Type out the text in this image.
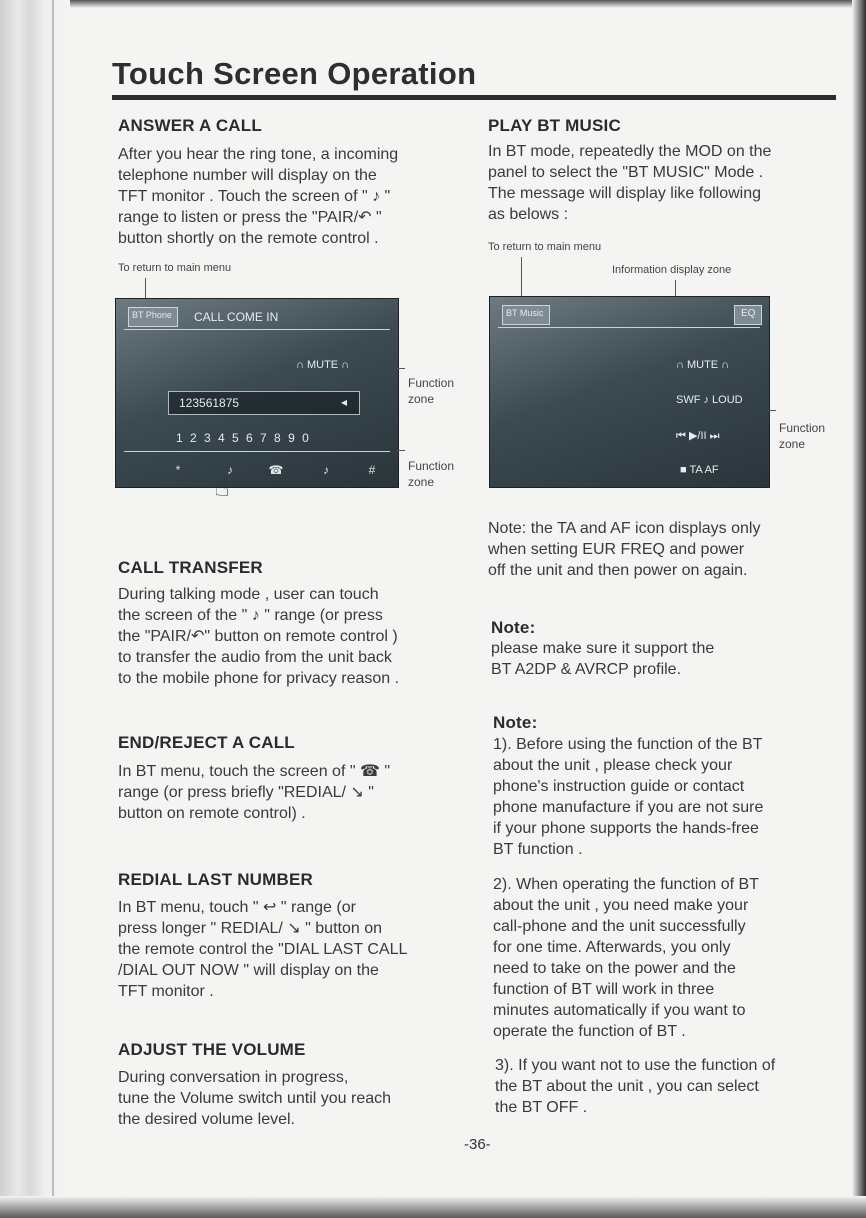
Touch Screen Operation
ANSWER A CALL
After you hear the ring tone, a incoming
telephone number will display on the
TFT monitor . Touch the screen of " ♪ "
range to listen or press the "PAIR/↶ "
button shortly on the remote control .
To return to main menu
BT Phone CALL COME IN
∩ MUTE ∩
123561875	◂
1 2 3 4 5 6 7 8 9 0
*	♪	☎	♪	#
☝
Function
zone
Function
zone
CALL TRANSFER
During talking mode , user can touch
the screen of the " ♪ " range (or press
the "PAIR/↶" button on remote control )
to transfer the audio from the unit back
to the mobile phone for privacy reason .
END/REJECT A CALL
In BT menu, touch the screen of " ☎ "
range (or press briefly "REDIAL/ ↘ "
button on remote control) .
REDIAL LAST NUMBER
In BT menu, touch " ↩ " range (or
press longer " REDIAL/ ↘ " button on
the remote control the "DIAL LAST CALL
/DIAL OUT NOW " will display on the
TFT monitor .
ADJUST THE VOLUME
During conversation in progress,
tune the Volume switch until you reach
the desired volume level.
PLAY BT MUSIC
In BT mode, repeatedly the MOD on the
panel to select the "BT MUSIC" Mode .
The message will display like following
as belows :
To return to main menu
Information display zone
BT Music	EQ
∩ MUTE ∩
SWF ♪ LOUD
⏮ ▶/II ⏭
■ TA AF
Function
zone
Note: the TA and AF icon displays only
when setting EUR FREQ and power
off the unit and then power on again.
Note:
please make sure it support the
BT A2DP & AVRCP profile.
Note:
1). Before using the function of the BT
about the unit , please check your
phone's instruction guide or contact
phone manufacture if you are not sure
if your phone supports the hands-free
BT function .
2). When operating the function of BT
about the unit , you need make your
call-phone and the unit successfully
for one time. Afterwards, you only
need to take on the power and the
function of BT will work in three
minutes automatically if you want to
operate the function of BT .
3). If you want not to use the function of
the BT about the unit , you can select
the BT OFF .
-36-
